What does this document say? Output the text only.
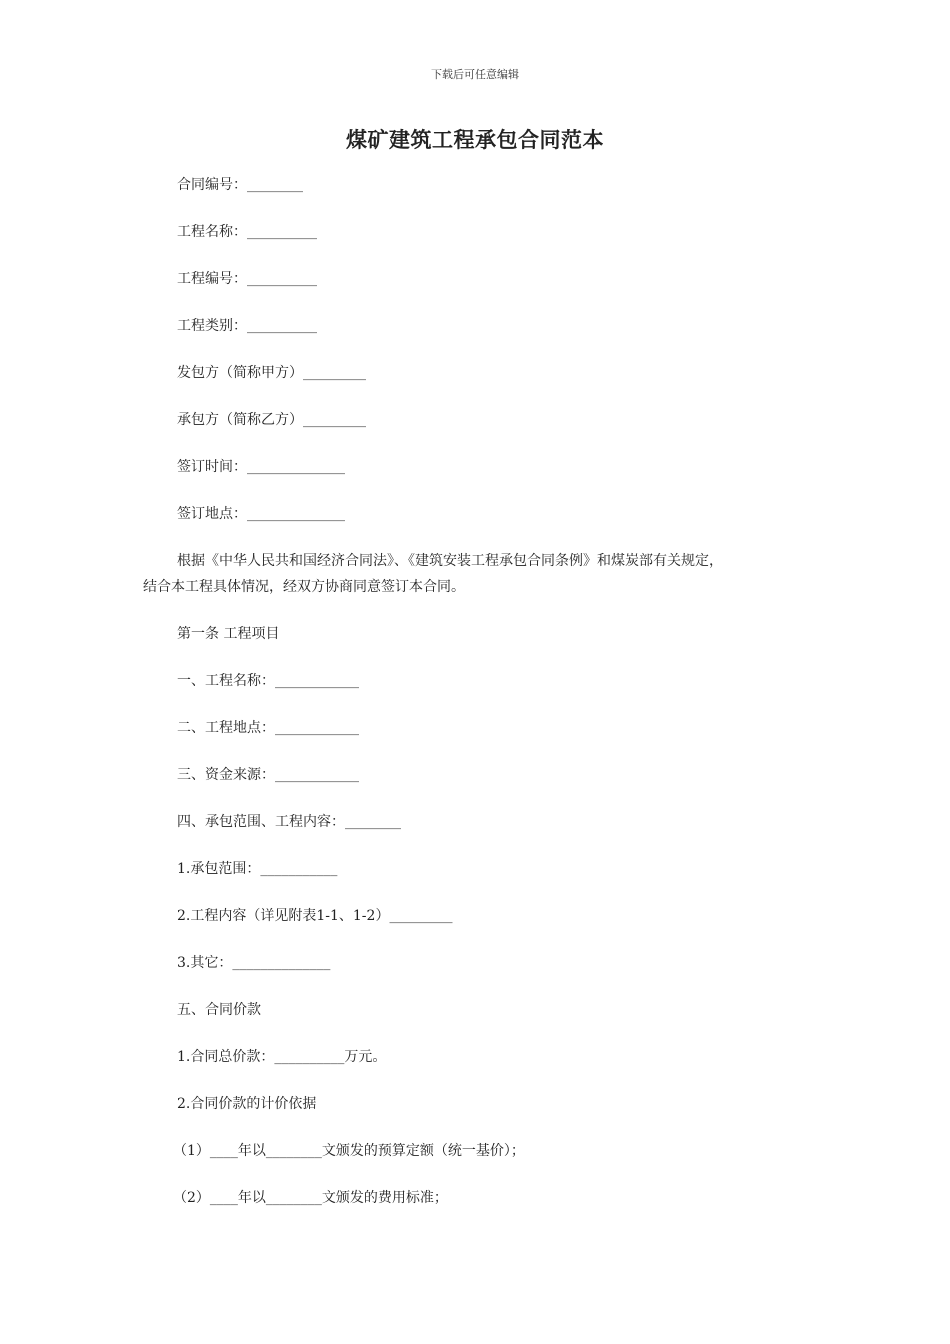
下载后可任意编辑
煤矿建筑工程承包合同范本
合同编号：________
工程名称：__________
工程编号：__________
工程类别：__________
发包方（简称甲方）_________
承包方（简称乙方）_________
签订时间：______________
签订地点：______________
根据《中华人民共和国经济合同法》、《建筑安装工程承包合同条例》和煤炭部有关规定，
结合本工程具体情况，经双方协商同意签订本合同。
第一条 工程项目
一、工程名称：____________
二、工程地点：____________
三、资金来源：____________
四、承包范围、工程内容：________
1.承包范围：___________
2.工程内容（详见附表1-1、1-2）_________
3.其它：______________
五、合同价款
1.合同总价款：__________万元。
2.合同价款的计价依据
（1）____年以________文颁发的预算定额（统一基价）；
（2）____年以________文颁发的费用标准；
